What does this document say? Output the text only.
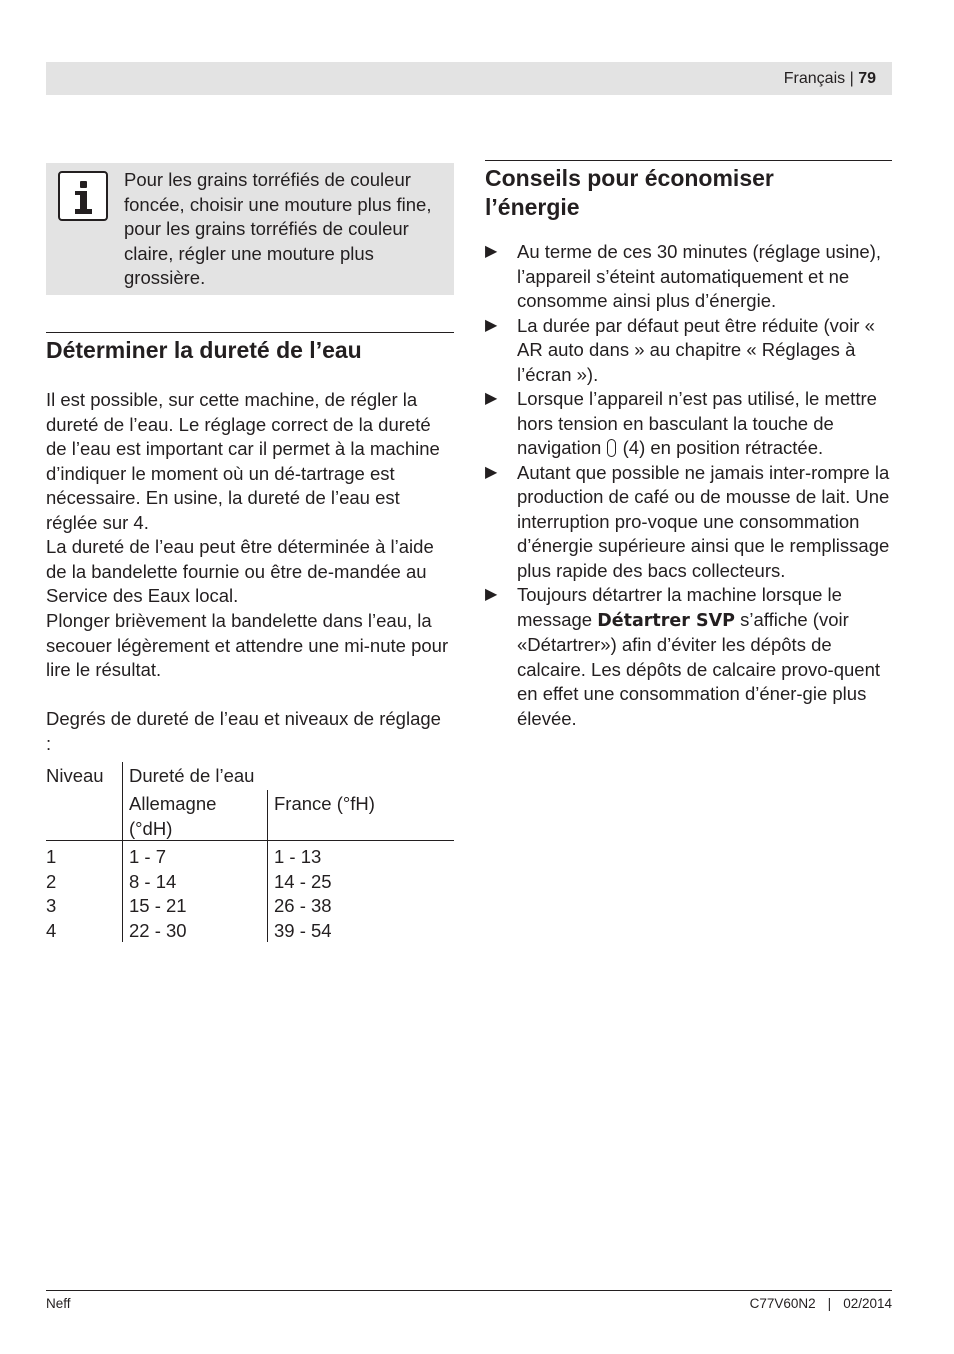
Français | 79
Pour les grains torréfiés de couleur foncée, choisir une mouture plus fine, pour les grains torréfiés de couleur claire, régler une mouture plus grossière.
Déterminer la dureté de l’eau

Il est possible, sur cette machine, de régler la dureté de l’eau. Le réglage correct de la dureté de l’eau est important car il permet à la machine d’indiquer le moment où un dé-tartrage est nécessaire. En usine, la dureté de l’eau est réglée sur 4.

La dureté de l’eau peut être déterminée à l’aide de la bandelette fournie ou être de-mandée au Service des Eaux local.

Plonger brièvement la bandelette dans l’eau, la secouer légèrement et attendre une mi-nute pour lire le résultat.

Degrés de dureté de l’eau et niveaux de réglage :

Niveau Dureté de l’eau
Allemagne (°dH)
France (°fH)
1
2
3
4
1 - 7
8 - 14
15 - 21
22 - 30
1 - 13
14 - 25
26 - 38
39 - 54
Conseils pour économiser
l’énergie
▶ Au terme de ces 30 minutes (réglage usine), l’appareil s’éteint automatiquement et ne consomme ainsi plus d’énergie.
▶ La durée par défaut peut être réduite (voir « AR auto dans » au chapitre « Réglages à l’écran »).
▶ Lorsque l’appareil n’est pas utilisé, le mettre hors tension en basculant la touche de navigation (4) en position rétractée.
▶ Autant que possible ne jamais inter-rompre la production de café ou de mousse de lait. Une interruption pro-voque une consommation d’énergie supérieure ainsi que le remplissage plus rapide des bacs collecteurs.
▶ Toujours détartrer la machine lorsque le message Détartrer SVP s’affiche (voir «Détartrer») afin d’éviter les dépôts de calcaire. Les dépôts de calcaire provo-quent en effet une consommation d’éner-gie plus élevée.
Neff	C77V60N2 | 02/2014
